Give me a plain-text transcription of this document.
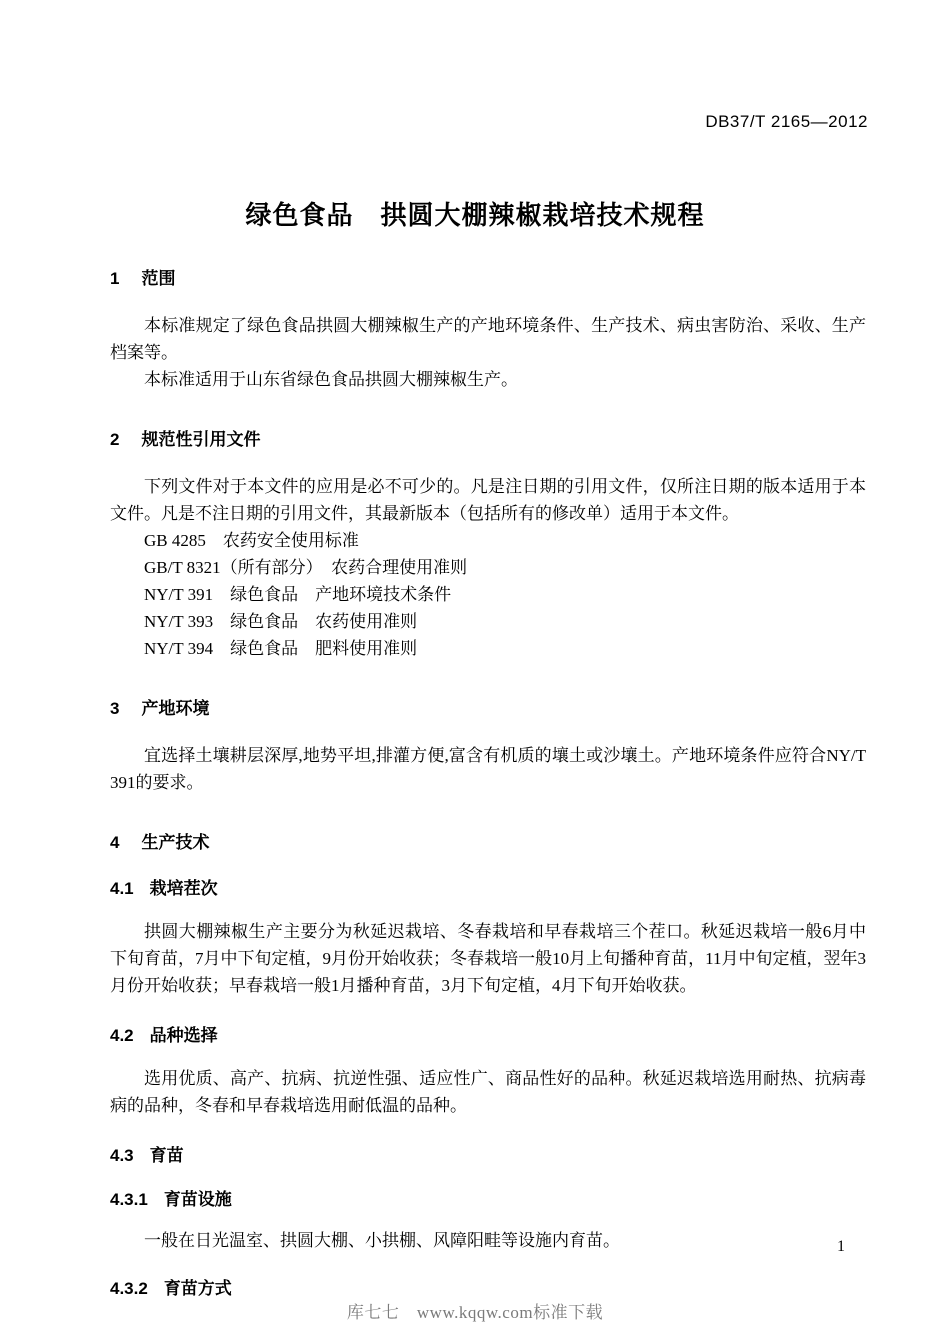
DB37/T 2165—2012
绿色食品　拱圆大棚辣椒栽培技术规程
1 范围
本标准规定了绿色食品拱圆大棚辣椒生产的产地环境条件、生产技术、病虫害防治、采收、生产档案等。
本标准适用于山东省绿色食品拱圆大棚辣椒生产。
2 规范性引用文件
下列文件对于本文件的应用是必不可少的。凡是注日期的引用文件，仅所注日期的版本适用于本文件。凡是不注日期的引用文件，其最新版本（包括所有的修改单）适用于本文件。
GB 4285　农药安全使用标准
GB/T 8321（所有部分）　农药合理使用准则
NY/T 391　绿色食品　产地环境技术条件
NY/T 393　绿色食品　农药使用准则
NY/T 394　绿色食品　肥料使用准则
3 产地环境
宜选择土壤耕层深厚,地势平坦,排灌方便,富含有机质的壤土或沙壤土。产地环境条件应符合NY/T 391的要求。
4 生产技术
4.1 栽培茬次
拱圆大棚辣椒生产主要分为秋延迟栽培、冬春栽培和早春栽培三个茬口。秋延迟栽培一般6月中下旬育苗，7月中下旬定植，9月份开始收获；冬春栽培一般10月上旬播种育苗，11月中旬定植，翌年3月份开始收获；早春栽培一般1月播种育苗，3月下旬定植，4月下旬开始收获。
4.2 品种选择
选用优质、高产、抗病、抗逆性强、适应性广、商品性好的品种。秋延迟栽培选用耐热、抗病毒病的品种，冬春和早春栽培选用耐低温的品种。
4.3 育苗
4.3.1 育苗设施
一般在日光温室、拱圆大棚、小拱棚、风障阳畦等设施内育苗。
4.3.2 育苗方式
1
库七七　www.kqqw.com标准下载
